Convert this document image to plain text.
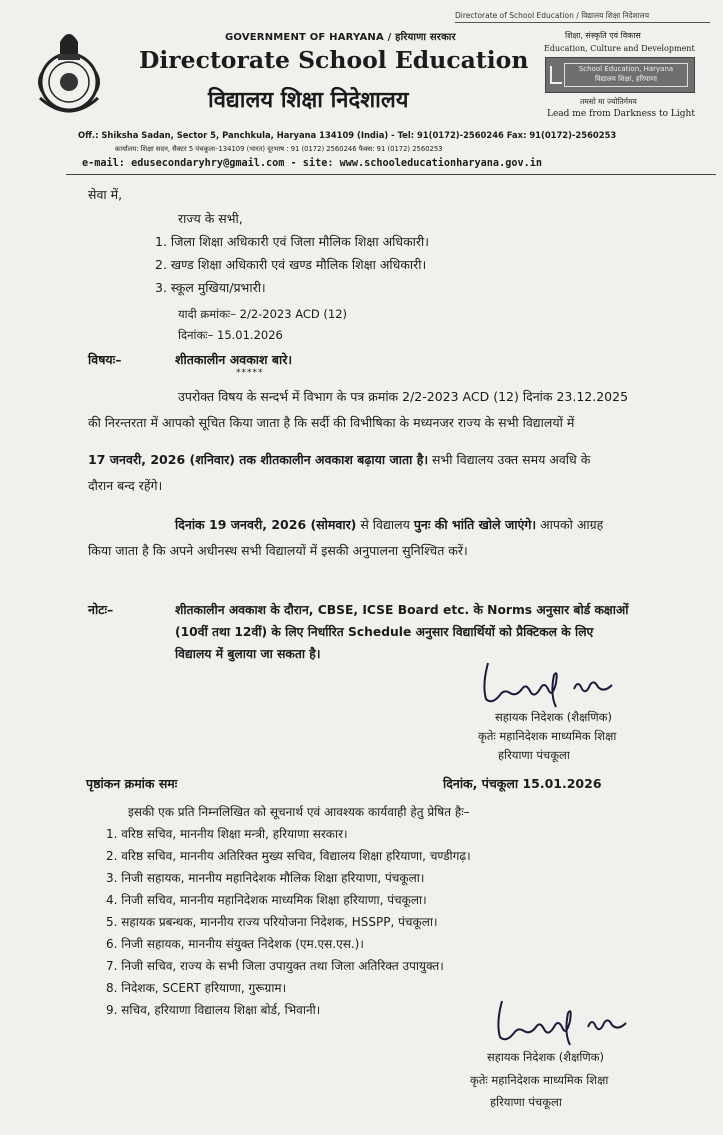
Directorate of School Education / विद्यालय शिक्षा निदेशालय
GOVERNMENT OF HARYANA / हरियाणा सरकार
Directorate School Education
विद्यालय शिक्षा निदेशालय
शिक्षा, संस्कृति एवं विकास
Education, Culture and Development
School Education, Haryana
विद्यालय शिक्षा, हरियाणा
तमसो मा ज्योतिर्गमय
Lead me from Darkness to Light
Off.: Shiksha Sadan, Sector 5, Panchkula, Haryana 134109 (India) - Tel: 91(0172)-2560246 Fax: 91(0172)-2560253
कार्यालय: शिक्षा सदन, सैक्टर 5 पंचकूला–134109 (भारत) दूरभाष : 91 (0172) 2560246 फैक्स: 91 (0172) 2560253
e-mail: edusecondaryhry@gmail.com - site: www.schooleducationharyana.gov.in
सेवा में,
राज्य के सभी,
1. जिला शिक्षा अधिकारी एवं जिला मौलिक शिक्षा अधिकारी।
2. खण्ड शिक्षा अधिकारी एवं खण्ड मौलिक शिक्षा अधिकारी।
3. स्कूल मुखिया/प्रभारी।
यादी क्रमांकः– 2/2-2023 ACD (12)
दिनांकः– 15.01.2026
विषयः–	शीतकालीन अवकाश बारे।
*****
उपरोक्त विषय के सन्दर्भ में विभाग के पत्र क्रमांक 2/2-2023 ACD (12) दिनांक 23.12.2025
की निरन्तरता में आपको सूचित किया जाता है कि सर्दी की विभीषिका के मध्यनजर राज्य के सभी विद्यालयों में
17 जनवरी, 2026 (शनिवार) तक शीतकालीन अवकाश बढ़ाया जाता है। सभी विद्यालय उक्त समय अवधि के
दौरान बन्द रहेंगे।
दिनांक 19 जनवरी, 2026 (सोमवार) से विद्यालय पुनः की भांति खोले जाएंगे। आपको आग्रह
किया जाता है कि अपने अधीनस्थ सभी विद्यालयों में इसकी अनुपालना सुनिश्चित करें।
नोटः–	शीतकालीन अवकाश के दौरान, CBSE, ICSE Board etc. के Norms अनुसार बोर्ड कक्षाओं
(10वीं तथा 12वीं) के लिए निर्धारित Schedule अनुसार विद्यार्थियों को प्रैक्टिकल के लिए
विद्यालय में बुलाया जा सकता है।
सहायक निदेशक (शैक्षणिक)
कृतेः महानिदेशक माध्यमिक शिक्षा
हरियाणा पंचकूला
पृष्ठांकन क्रमांक समः	दिनांक, पंचकूला 15.01.2026
इसकी एक प्रति निम्नलिखित को सूचनार्थ एवं आवश्यक कार्यवाही हेतु प्रेषित हैः–
1. वरिष्ठ सचिव, माननीय शिक्षा मन्त्री, हरियाणा सरकार।
2. वरिष्ठ सचिव, माननीय अतिरिक्त मुख्य सचिव, विद्यालय शिक्षा हरियाणा, चण्डीगढ़।
3. निजी सहायक, माननीय महानिदेशक मौलिक शिक्षा हरियाणा, पंचकूला।
4. निजी सचिव, माननीय महानिदेशक माध्यमिक शिक्षा हरियाणा, पंचकूला।
5. सहायक प्रबन्धक, माननीय राज्य परियोजना निदेशक, HSSPP, पंचकूला।
6. निजी सहायक, माननीय संयुक्त निदेशक (एम.एस.एस.)।
7. निजी सचिव, राज्य के सभी जिला उपायुक्त तथा जिला अतिरिक्त उपायुक्त।
8. निदेशक, SCERT हरियाणा, गुरूग्राम।
9. सचिव, हरियाणा विद्यालय शिक्षा बोर्ड, भिवानी।
सहायक निदेशक (शैक्षणिक)
कृतेः महानिदेशक माध्यमिक शिक्षा
हरियाणा पंचकूला
